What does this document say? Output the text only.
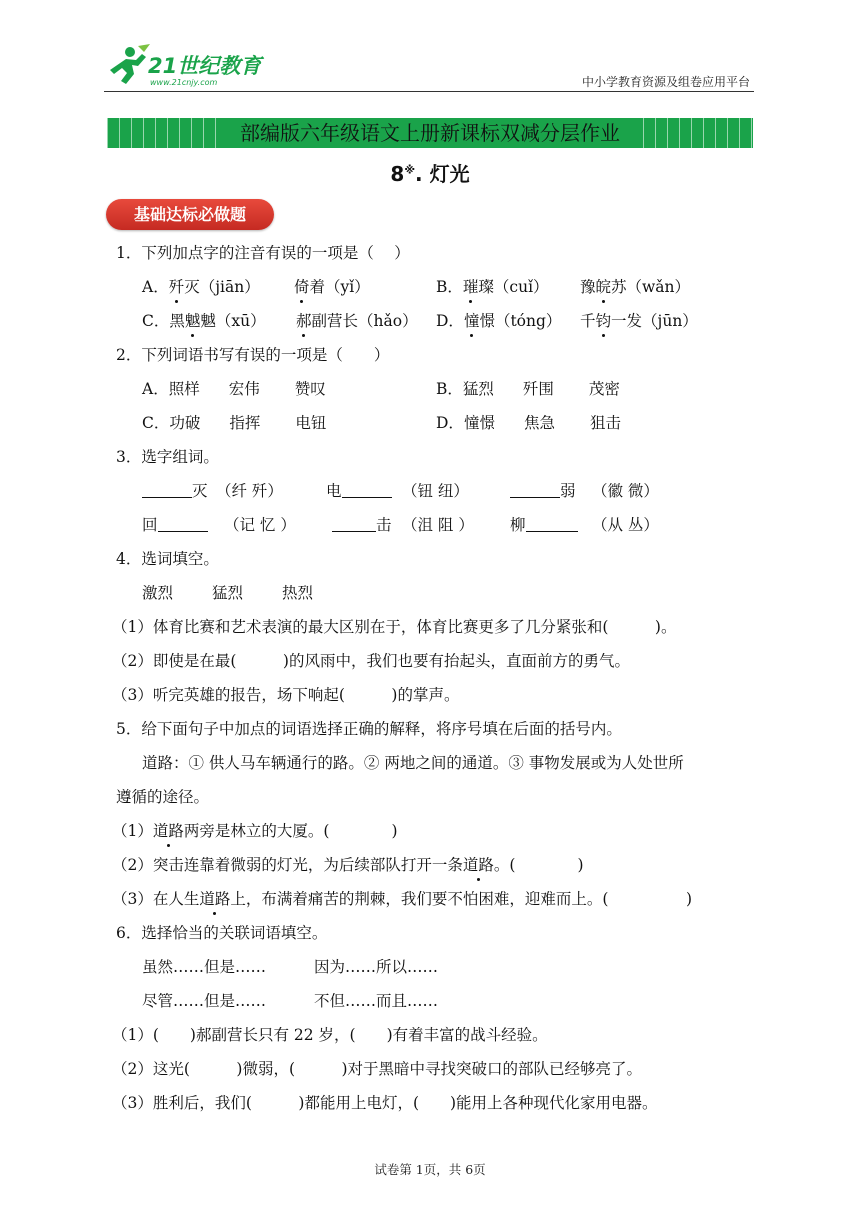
21世纪教育
www.21cnjy.com	中小学教育资源及组卷应用平台
部编版六年级语文上册新课标双减分层作业
8※. 灯光
基础达标必做题
1．下列加点字的注音有误的一项是（　 ）
A．歼灭（jiān） 倚着（yǐ）	B．璀璨（cuǐ） 豫皖苏（wǎn）
C．黑魆魆（xū） 郝副营长（hǎo） D．憧憬（tóng） 千钧一发（jūn）
2．下列词语书写有误的一项是（　　）
A．照样 宏伟 赞叹	B．猛烈 歼围 茂密
C．功破 指挥 电钮	D．憧憬 焦急 狙击
3．选字组词。
灭 （纤 歼）	电	（钮 纽）	弱 （徽 微）
回	（记 忆 ）	击 （沮 阻 ） 柳	（从 丛）
4．选词填空。
激烈	猛烈	热烈
（1）体育比赛和艺术表演的最大区别在于，体育比赛更多了几分紧张和(　　　)。
（2）即使是在最(　　　)的风雨中，我们也要有抬起头，直面前方的勇气。
（3）听完英雄的报告，场下响起(　　　)的掌声。
5．给下面句子中加点的词语选择正确的解释，将序号填在后面的括号内。
道路：① 供人马车辆通行的路。② 两地之间的通道。③ 事物发展或为人处世所
遵循的途径。
（1）道路两旁是林立的大厦。(　　　　)
（2）突击连靠着微弱的灯光，为后续部队打开一条道路。(　　　　)
（3）在人生道路上，布满着痛苦的荆棘，我们要不怕困难，迎难而上。(　　　　　)
6．选择恰当的关联词语填空。
虽然……但是……	因为……所以……
尽管……但是……	不但……而且……
（1）(　　)郝副营长只有 22 岁，(　　)有着丰富的战斗经验。
（2）这光(　　　)微弱，(　　　)对于黑暗中寻找突破口的部队已经够亮了。
（3）胜利后，我们(　　　)都能用上电灯，(　　)能用上各种现代化家用电器。
试卷第 1页，共 6页
